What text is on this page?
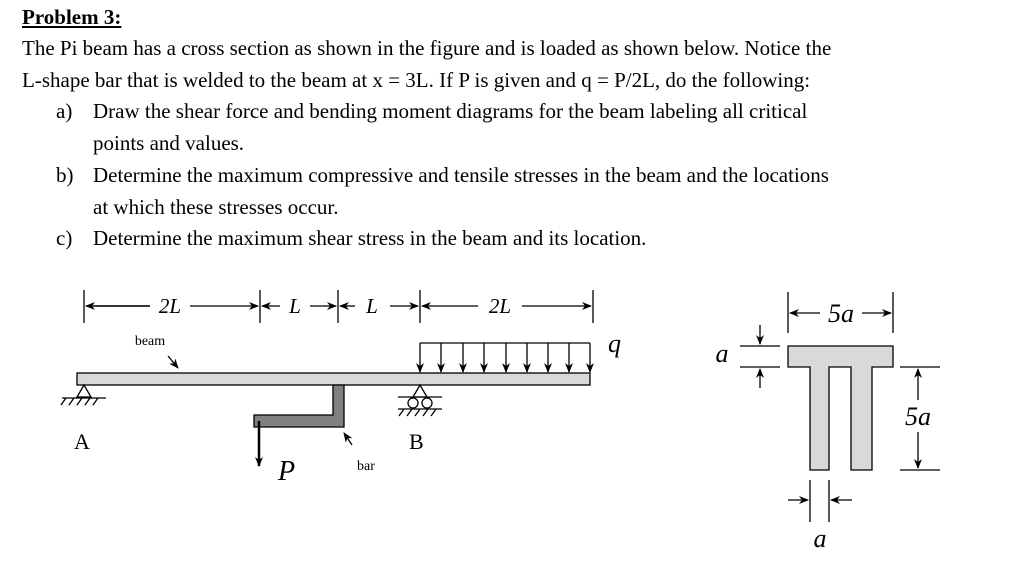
Problem 3:
The Pi beam has a cross section as shown in the figure and is loaded as shown below. Notice the
L-shape bar that is welded to the beam at x = 3L. If P is given and q = P/2L, do the following:
a) Draw the shear force and bending moment diagrams for the beam labeling all critical
points and values.
b) Determine the maximum compressive and tensile stresses in the beam and the locations
at which these stresses occur.
c) Determine the maximum shear stress in the beam and its location.
2L	L	L	2L
beam
bar
q
P
A	B
5a
a
5a
a
